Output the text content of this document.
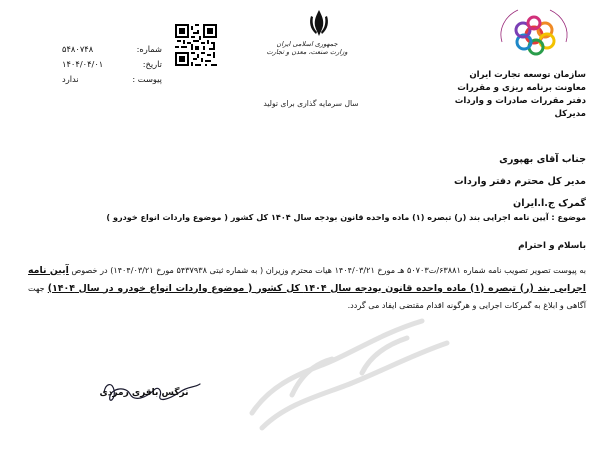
سازمان توسعه تجارت ایران
معاونت برنامه ریزی و مقررات
دفتر مقررات صادرات و واردات
مدیرکل
جمهوری اسلامی ایران
وزارت صنعت، معدن و تجارت
سال سرمایه گذاری برای تولید
شماره:
۵۴۸۰۷۴۸
تاریخ:
۱۴۰۴/۰۴/۰۱
پیوست :
ندارد
جناب آقای بهپوری
مدیر کل محترم دفتر واردات
گمرک ج.ا.ایران
موضوع : آیین نامه اجرایی بند (ر) تبصره (۱) ماده واحده قانون بودجه سال ۱۴۰۴ کل کشور ( موضوع واردات انواع خودرو )
باسلام و احترام
به پیوست تصویر تصویب نامه شماره ۶۳۸۸۱/ت۵۰۷۰۳ هـ مورخ ۱۴۰۴/۰۳/۲۱ هیات محترم وزیران ( به شماره ثبتی ۵۴۳۷۹۳۸ مورخ ۱۴۰۴/۰۳/۲۱) در خصوص آیین نامه اجرایی بند (ر) تبصره (۱) ماده واحده قانون بودجه سال ۱۴۰۴ کل کشور ( موضوع واردات انواع خودرو در سال ۱۴۰۴) جهت آگاهی و ابلاغ به گمرکات اجرایی و هرگونه اقدام مقتضی ایفاد می گردد.
نرگس باقری زمردی
